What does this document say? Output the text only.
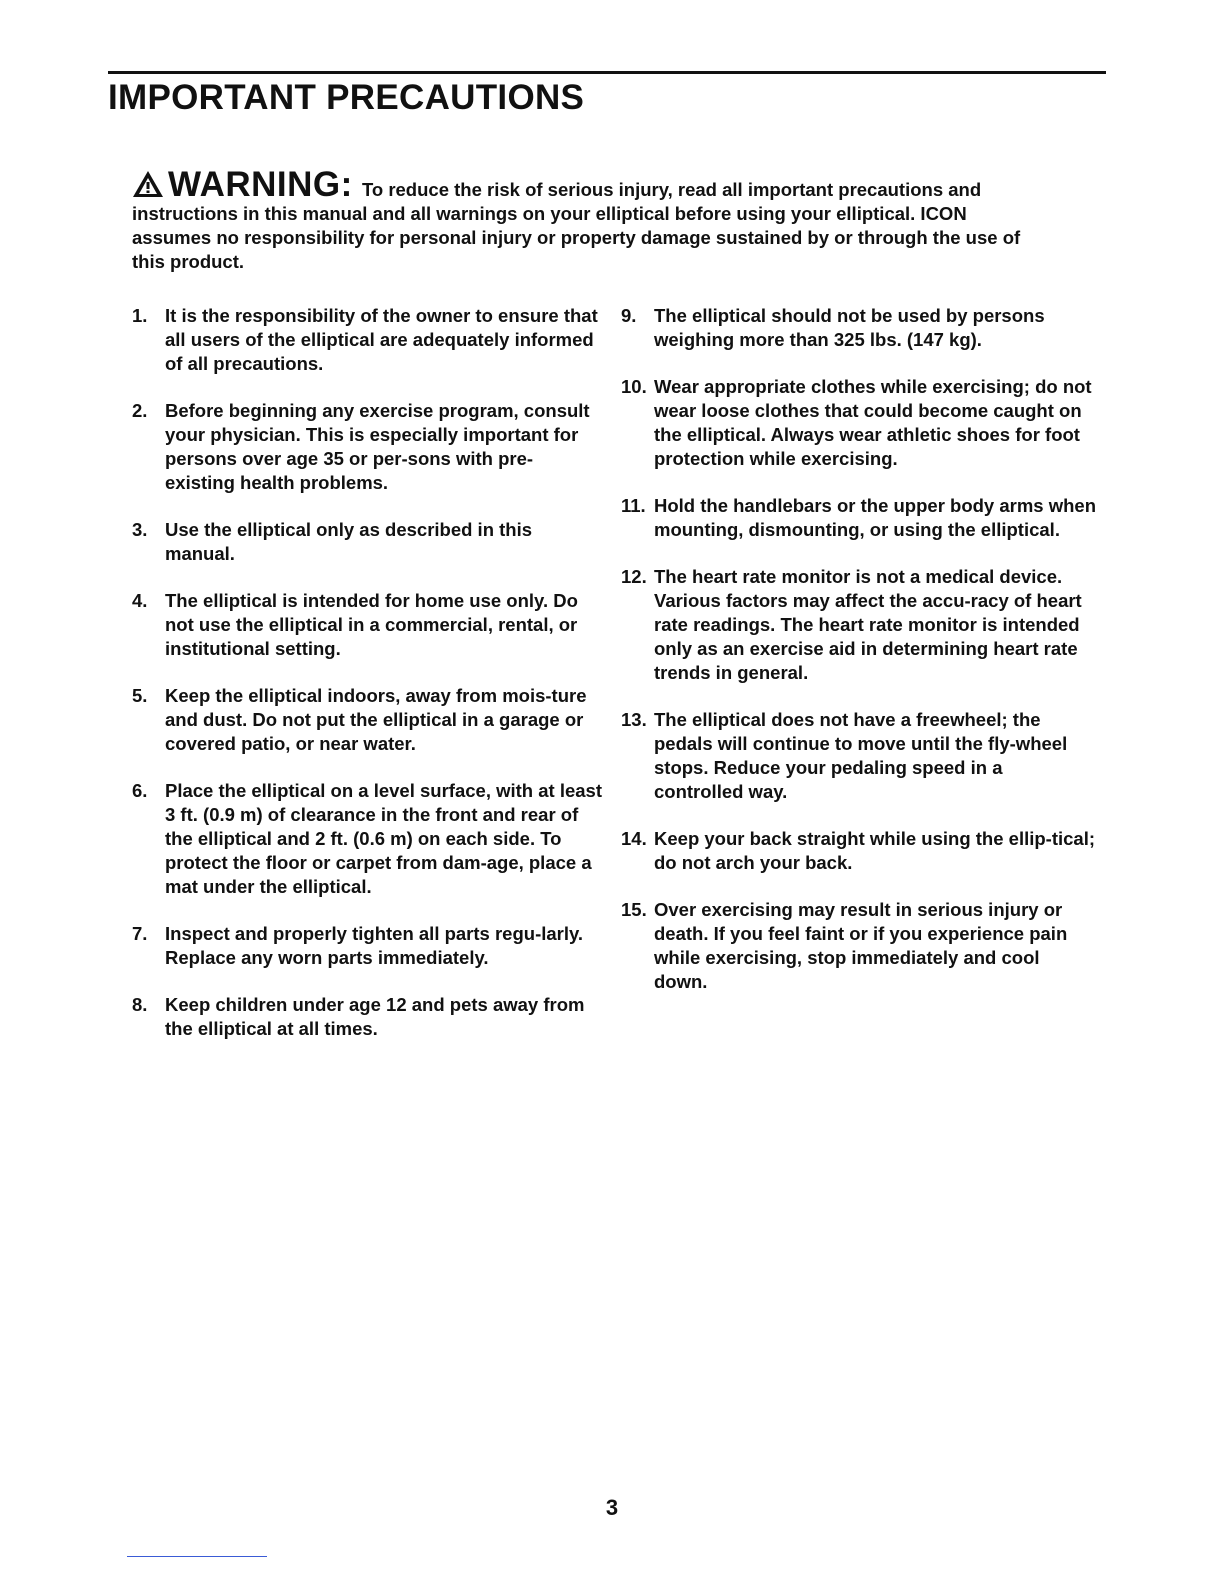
IMPORTANT PRECAUTIONS
WARNING: To reduce the risk of serious injury, read all important precautions and instructions in this manual and all warnings on your elliptical before using your elliptical. ICON assumes no responsibility for personal injury or property damage sustained by or through the use of this product.
1. It is the responsibility of the owner to ensure that all users of the elliptical are adequately informed of all precautions.
2. Before beginning any exercise program, consult your physician. This is especially important for persons over age 35 or per-sons with pre-existing health problems.
3. Use the elliptical only as described in this manual.
4. The elliptical is intended for home use only. Do not use the elliptical in a commercial, rental, or institutional setting.
5. Keep the elliptical indoors, away from mois-ture and dust. Do not put the elliptical in a garage or covered patio, or near water.
6. Place the elliptical on a level surface, with at least 3 ft. (0.9 m) of clearance in the front and rear of the elliptical and 2 ft. (0.6 m) on each side. To protect the floor or carpet from dam-age, place a mat under the elliptical.
7. Inspect and properly tighten all parts regu-larly. Replace any worn parts immediately.
8. Keep children under age 12 and pets away from the elliptical at all times.
9. The elliptical should not be used by persons weighing more than 325 lbs. (147 kg).
10. Wear appropriate clothes while exercising; do not wear loose clothes that could become caught on the elliptical. Always wear athletic shoes for foot protection while exercising.
11. Hold the handlebars or the upper body arms when mounting, dismounting, or using the elliptical.
12. The heart rate monitor is not a medical device. Various factors may affect the accu-racy of heart rate readings. The heart rate monitor is intended only as an exercise aid in determining heart rate trends in general.
13. The elliptical does not have a freewheel; the pedals will continue to move until the fly-wheel stops. Reduce your pedaling speed in a controlled way.
14. Keep your back straight while using the ellip-tical; do not arch your back.
15. Over exercising may result in serious injury or death. If you feel faint or if you experience pain while exercising, stop immediately and cool down.
3
